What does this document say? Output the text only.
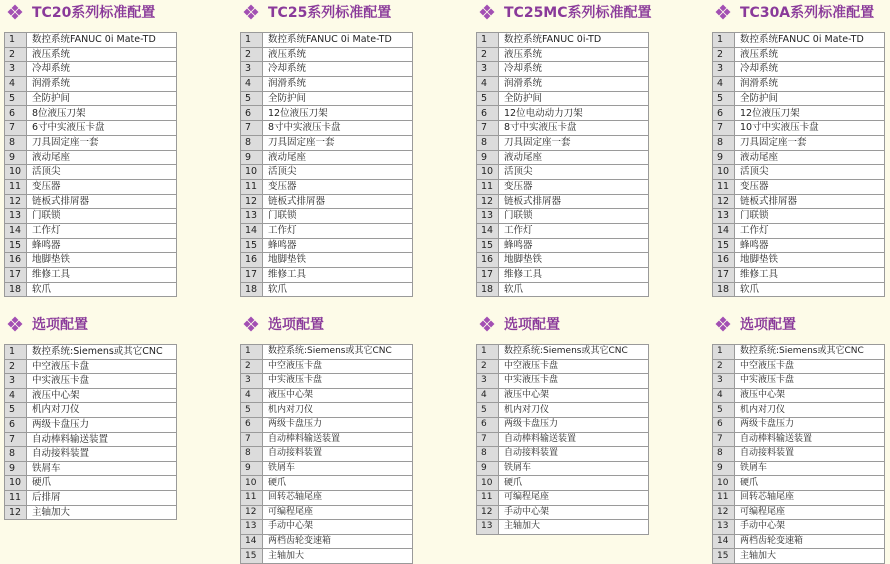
TC20系列标准配置
1	数控系统FANUC 0i Mate-TD
2	液压系统
3	冷却系统
4	润滑系统
5	全防护间
6	8位液压刀架
7	6寸中实液压卡盘
8	刀具固定座一套
9	液动尾座
10	活顶尖
11	变压器
12	链板式排屑器
13	门联锁
14	工作灯
15	蜂鸣器
16	地脚垫铁
17	维修工具
18	软爪
选项配置
1	数控系统:Siemens或其它CNC
2	中空液压卡盘
3	中实液压卡盘
4	液压中心架
5	机内对刀仪
6	两级卡盘压力
7	自动棒料输送装置
8	自动接料装置
9	铁屑车
10	硬爪
11	后排屑
12	主轴加大
TC25系列标准配置
1	数控系统FANUC 0i Mate-TD
2	液压系统
3	冷却系统
4	润滑系统
5	全防护间
6	12位液压刀架
7	8寸中实液压卡盘
8	刀具固定座一套
9	液动尾座
10	活顶尖
11	变压器
12	链板式排屑器
13	门联锁
14	工作灯
15	蜂鸣器
16	地脚垫铁
17	维修工具
18	软爪
选项配置
1	数控系统:Siemens或其它CNC
2	中空液压卡盘
3	中实液压卡盘
4	液压中心架
5	机内对刀仪
6	两级卡盘压力
7	自动棒料输送装置
8	自动接料装置
9	铁屑车
10	硬爪
11	回转芯轴尾座
12	可编程尾座
13	手动中心架
14	两档齿轮变速箱
15	主轴加大
TC25MC系列标准配置
1	数控系统FANUC 0i-TD
2	液压系统
3	冷却系统
4	润滑系统
5	全防护间
6	12位电动动力刀架
7	8寸中实液压卡盘
8	刀具固定座一套
9	液动尾座
10	活顶尖
11	变压器
12	链板式排屑器
13	门联锁
14	工作灯
15	蜂鸣器
16	地脚垫铁
17	维修工具
18	软爪
选项配置
1	数控系统:Siemens或其它CNC
2	中空液压卡盘
3	中实液压卡盘
4	液压中心架
5	机内对刀仪
6	两级卡盘压力
7	自动棒料输送装置
8	自动接料装置
9	铁屑车
10	硬爪
11	可编程尾座
12	手动中心架
13	主轴加大
TC30A系列标准配置
1	数控系统FANUC 0i Mate-TD
2	液压系统
3	冷却系统
4	润滑系统
5	全防护间
6	12位液压刀架
7	10寸中实液压卡盘
8	刀具固定座一套
9	液动尾座
10	活顶尖
11	变压器
12	链板式排屑器
13	门联锁
14	工作灯
15	蜂鸣器
16	地脚垫铁
17	维修工具
18	软爪
选项配置
1	数控系统:Siemens或其它CNC
2	中空液压卡盘
3	中实液压卡盘
4	液压中心架
5	机内对刀仪
6	两级卡盘压力
7	自动棒料输送装置
8	自动接料装置
9	铁屑车
10	硬爪
11	回转芯轴尾座
12	可编程尾座
13	手动中心架
14	两档齿轮变速箱
15	主轴加大
